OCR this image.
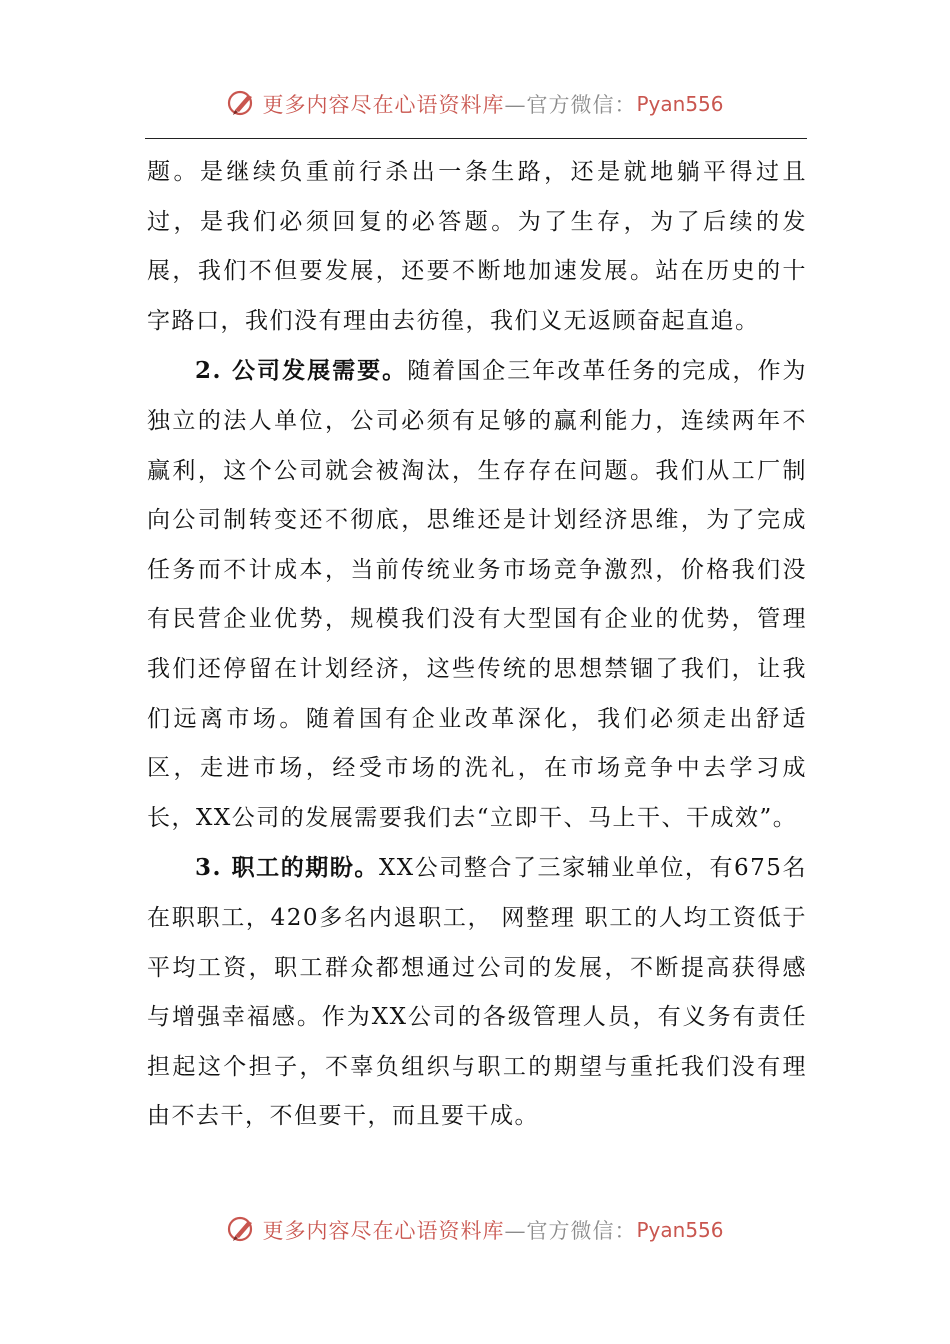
更多内容尽在心语资料库 —官方微信： Pyan556

题。是继续负重前行杀出一条生路，还是就地躺平得过且过，是我们必须回复的必答题。为了生存，为了后续的发展，我们不但要发展，还要不断地加速发展。站在历史的十字路口，我们没有理由去彷徨，我们义无返顾奋起直追。

2. 公司发展需要。随着国企三年改革任务的完成，作为独立的法人单位，公司必须有足够的赢利能力，连续两年不赢利，这个公司就会被淘汰，生存存在问题。我们从工厂制向公司制转变还不彻底，思维还是计划经济思维，为了完成任务而不计成本，当前传统业务市场竞争激烈，价格我们没有民营企业优势，规模我们没有大型国有企业的优势，管理我们还停留在计划经济，这些传统的思想禁锢了我们，让我们远离市场。随着国有企业改革深化，我们必须走出舒适区，走进市场，经受市场的洗礼，在市场竞争中去学习成长，XX公司的发展需要我们去“立即干、马上干、干成效”。

3. 职工的期盼。XX公司整合了三家辅业单位，有675名在职职工，420多名内退职工， 网整理 职工的人均工资低于平均工资，职工群众都想通过公司的发展，不断提高获得感与增强幸福感。作为XX公司的各级管理人员，有义务有责任担起这个担子，不辜负组织与职工的期望与重托我们没有理由不去干，不但要干，而且要干成。

更多内容尽在心语资料库 —官方微信： Pyan556
